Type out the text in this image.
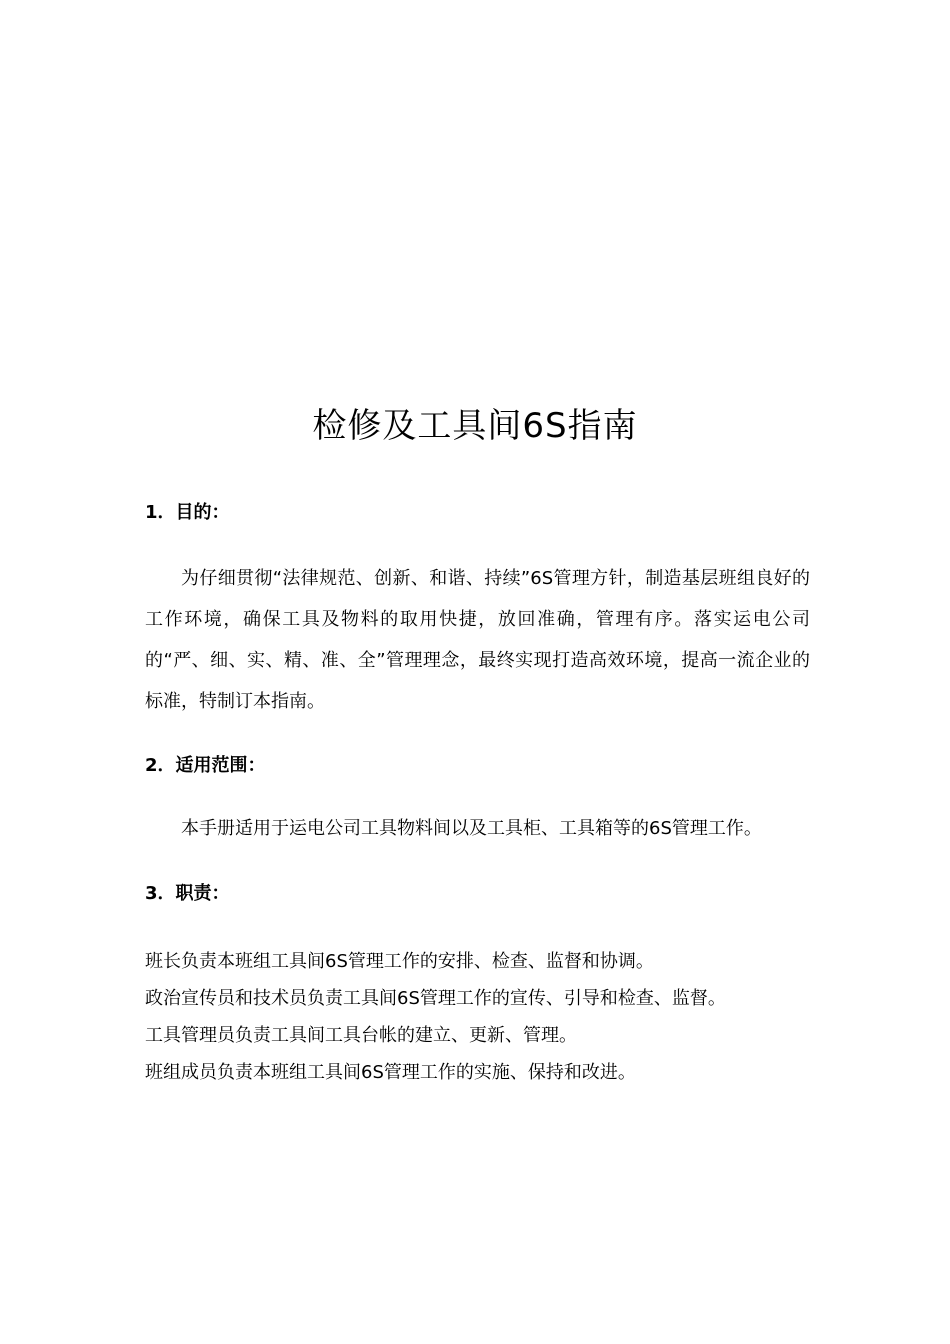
检修及工具间6S指南
1．目的：

为仔细贯彻“法律规范、创新、和谐、持续”6S管理方针，制造基层班组良好的工作环境，确保工具及物料的取用快捷，放回准确，管理有序。落实运电公司的“严、细、实、精、准、全”管理理念，最终实现打造高效环境，提高一流企业的标准，特制订本指南。

2．适用范围：

本手册适用于运电公司工具物料间以及工具柜、工具箱等的6S管理工作。

3．职责：
班长负责本班组工具间6S管理工作的安排、检查、监督和协调。
政治宣传员和技术员负责工具间6S管理工作的宣传、引导和检查、监督。
工具管理员负责工具间工具台帐的建立、更新、管理。
班组成员负责本班组工具间6S管理工作的实施、保持和改进。
